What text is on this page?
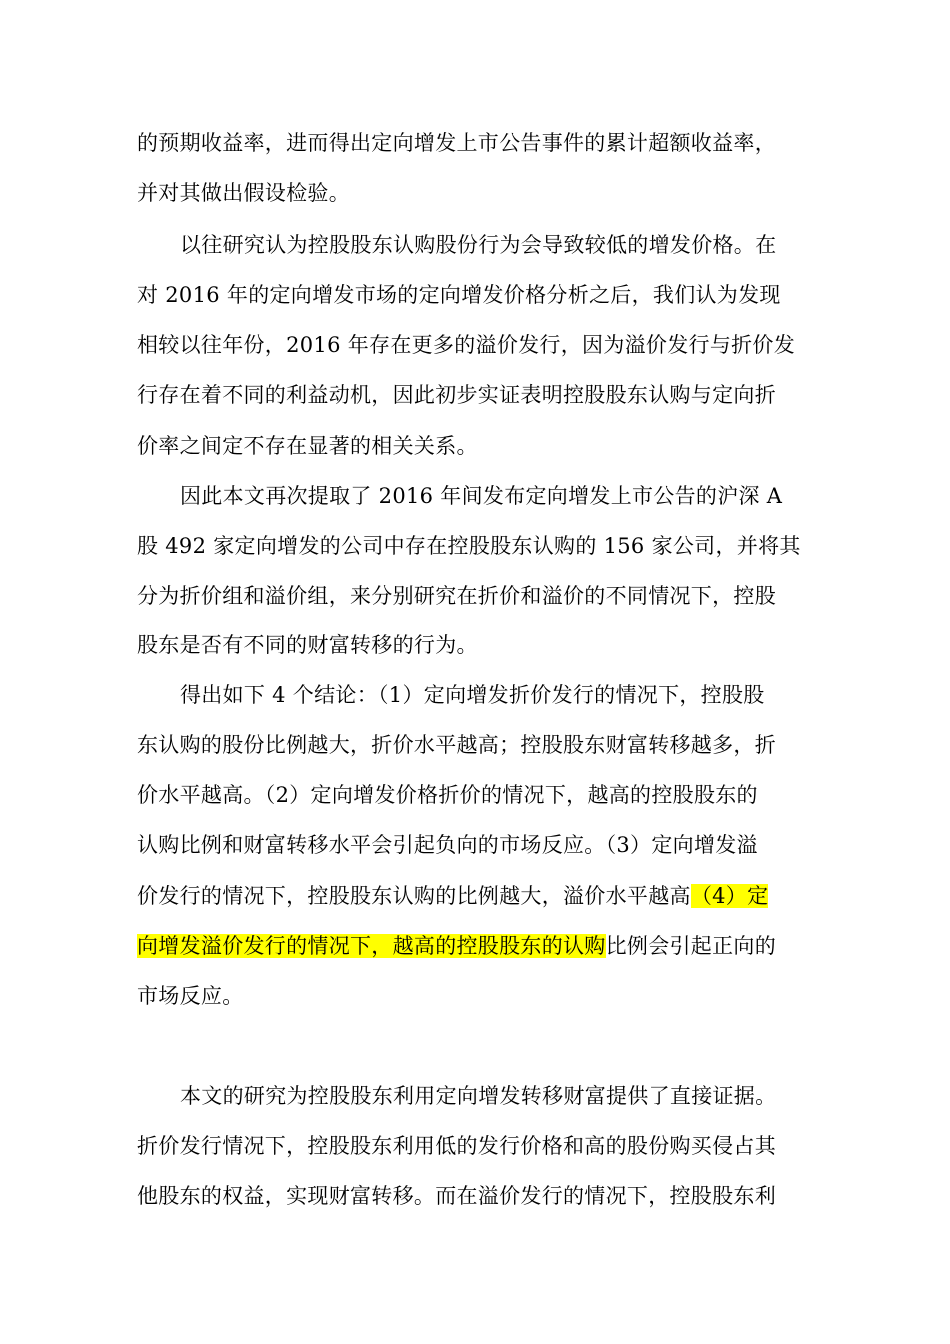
的预期收益率，进而得出定向增发上市公告事件的累计超额收益率，
并对其做出假设检验。
以往研究认为控股股东认购股份行为会导致较低的增发价格。在
对 2016 年的定向增发市场的定向增发价格分析之后，我们认为发现
相较以往年份，2016 年存在更多的溢价发行，因为溢价发行与折价发
行存在着不同的利益动机，因此初步实证表明控股股东认购与定向折
价率之间定不存在显著的相关关系。
因此本文再次提取了 2016 年间发布定向增发上市公告的沪深 A
股 492 家定向增发的公司中存在控股股东认购的 156 家公司，并将其
分为折价组和溢价组，来分别研究在折价和溢价的不同情况下，控股
股东是否有不同的财富转移的行为。
得出如下 4 个结论：（1）定向增发折价发行的情况下，控股股
东认购的股份比例越大，折价水平越高；控股股东财富转移越多，折
价水平越高。（2）定向增发价格折价的情况下，越高的控股股东的
认购比例和财富转移水平会引起负向的市场反应。（3）定向增发溢
价发行的情况下，控股股东认购的比例越大，溢价水平越高（4）定
向增发溢价发行的情况下，越高的控股股东的认购比例会引起正向的
市场反应。
本文的研究为控股股东利用定向增发转移财富提供了直接证据。
折价发行情况下，控股股东利用低的发行价格和高的股份购买侵占其
他股东的权益，实现财富转移。而在溢价发行的情况下，控股股东利
